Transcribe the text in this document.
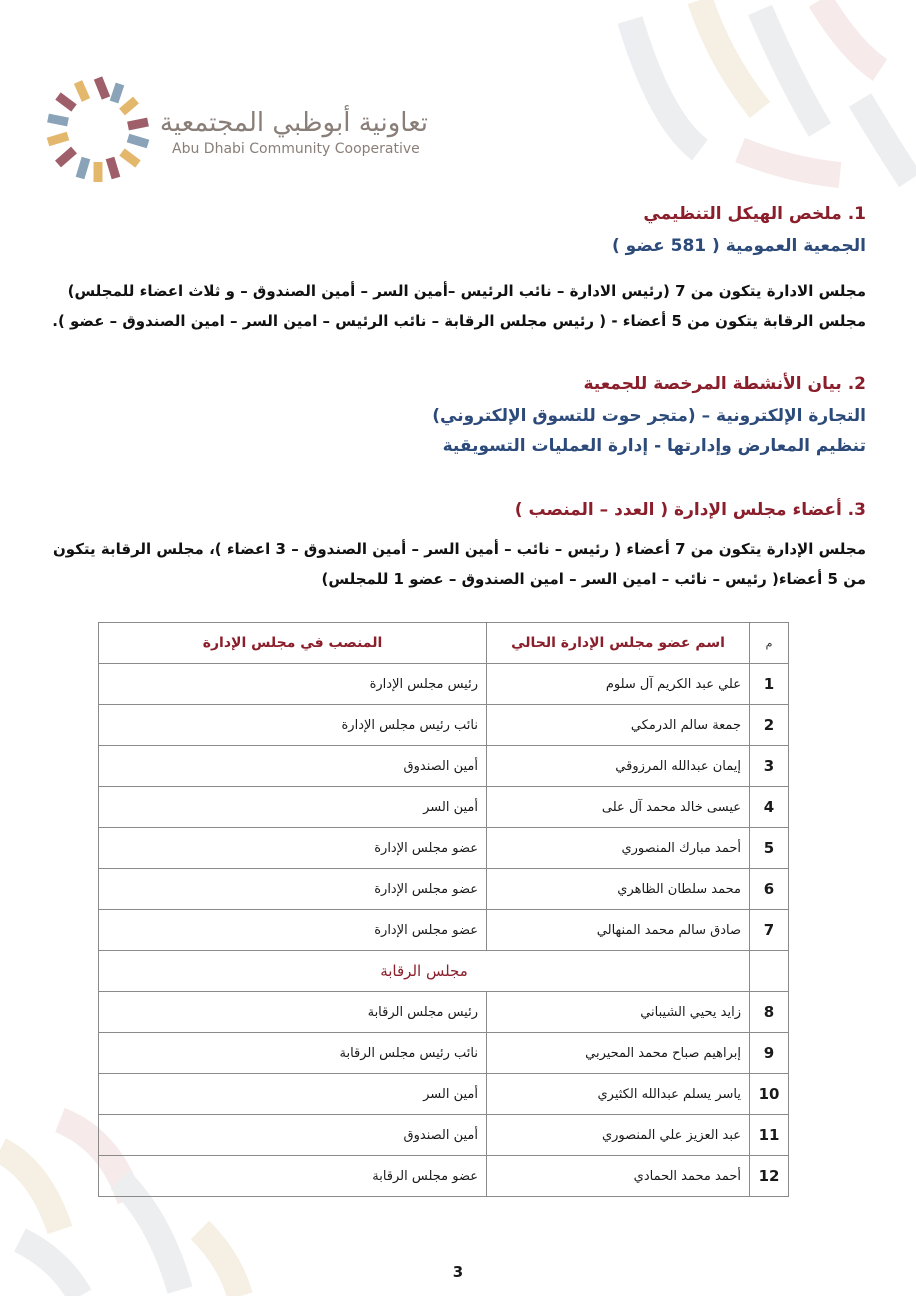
تعاونية أبوظبي المجتمعية
Abu Dhabi Community Cooperative
1. ملخص الهيكل التنظيمي
الجمعية العمومية ( 581 عضو )
مجلس الادارة يتكون من 7 (رئيس الادارة – نائب الرئيس –أمين السر – أمين الصندوق – و ثلاث اعضاء للمجلس)
مجلس الرقابة يتكون من 5 أعضاء - ( رئيس مجلس الرقابة – نائب الرئيس – امين السر – امين الصندوق – عضو ).
2. بيان الأنشطة المرخصة للجمعية
التجارة الإلكترونية – (متجر حوت للتسوق الإلكتروني)
تنظيم المعارض وإدارتها - إدارة العمليات التسويقية
3. أعضاء مجلس الإدارة ( العدد – المنصب )
مجلس الإدارة يتكون من 7 أعضاء ( رئيس – نائب – أمين السر – أمين الصندوق – 3 اعضاء )، مجلس الرقابة يتكون
من 5 أعضاء( رئيس – نائب – امين السر – امين الصندوق – عضو 1 للمجلس)
م	اسم عضو مجلس الإدارة الحالي	المنصب في مجلس الإدارة
1	علي عبد الكريم آل سلوم	رئيس مجلس الإدارة
2	جمعة سالم الدرمكي	نائب رئيس مجلس الإدارة
3	إيمان عبدالله المرزوقي	أمين الصندوق
4	عيسى خالد محمد آل على	أمين السر
5	أحمد مبارك المنصوري	عضو مجلس الإدارة
6	محمد سلطان الظاهري	عضو مجلس الإدارة
7	صادق سالم محمد المنهالي	عضو مجلس الإدارة
	مجلس الرقابة	
8	زايد يحيي الشيباني	رئيس مجلس الرقابة
9	إبراهيم صباح محمد المحيربي	نائب رئيس مجلس الرقابة
10	ياسر يسلم عبدالله الكثيري	أمين السر
11	عبد العزيز علي المنصوري	أمين الصندوق
12	أحمد محمد الحمادي	عضو مجلس الرقابة
3
